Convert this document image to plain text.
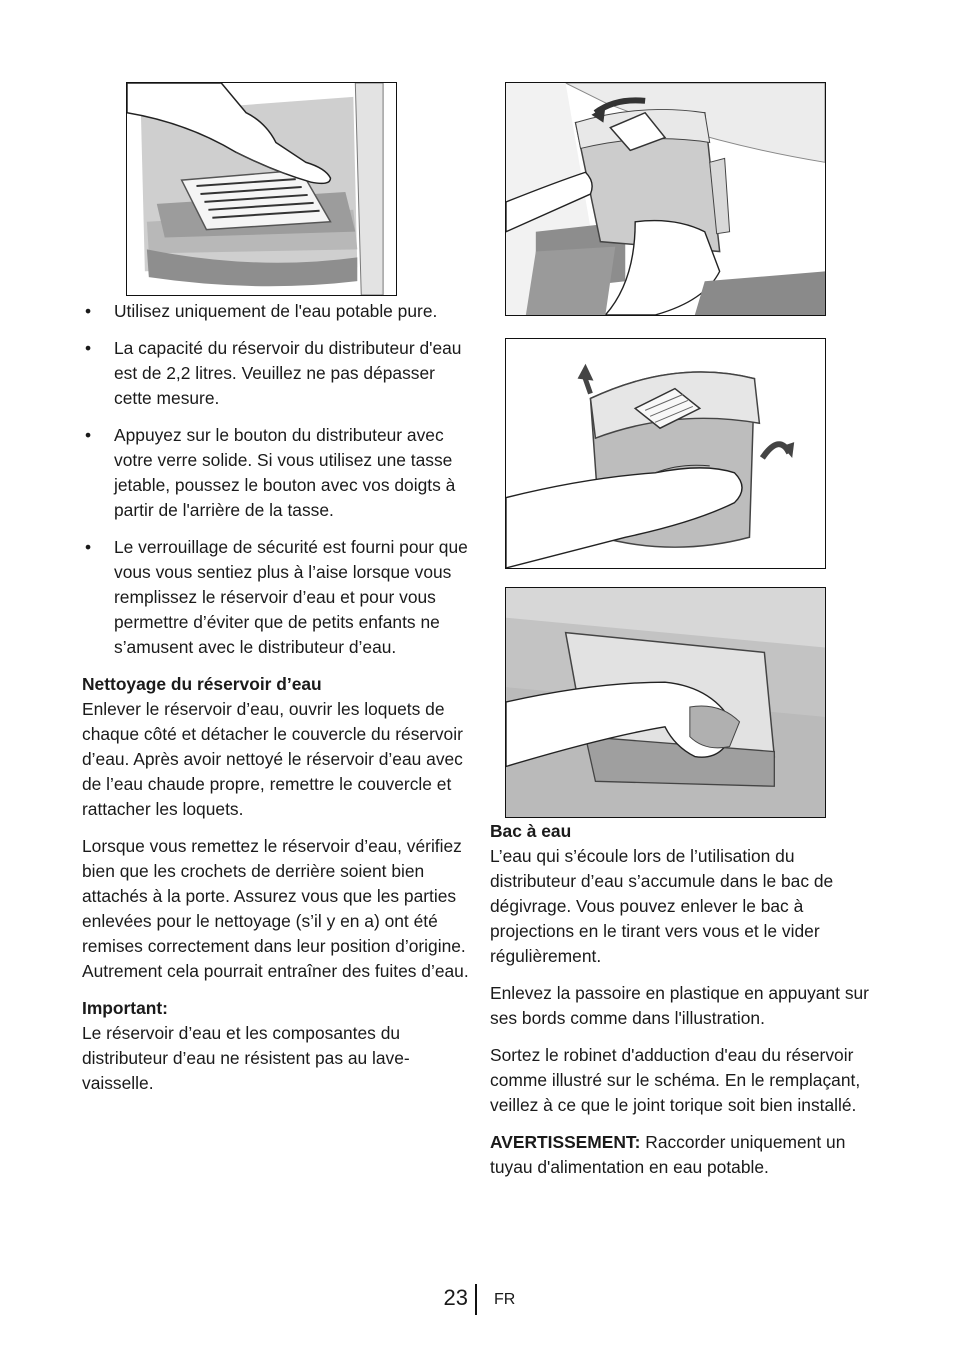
• Utilisez uniquement de l'eau potable pure.
• La capacité du réservoir du distributeur d'eau est de 2,2 litres. Veuillez ne pas dépasser cette mesure.
• Appuyez sur le bouton du distributeur avec votre verre solide. Si vous utilisez une tasse jetable, poussez le bouton avec vos doigts à partir de l'arrière de la tasse.
• Le verrouillage de sécurité est fourni pour que vous vous sentiez plus à l’aise lorsque vous remplissez le réservoir d’eau et pour vous permettre d’éviter que de petits enfants ne s’amusent avec le distributeur d’eau.

Nettoyage du réservoir d’eau
Enlever le réservoir d’eau, ouvrir les loquets de chaque côté et détacher le couvercle du réservoir d’eau. Après avoir nettoyé le réservoir d’eau avec de l’eau chaude propre, remettre le couvercle et rattacher les loquets.

Lorsque vous remettez le réservoir d’eau, vérifiez bien que les crochets de derrière soient bien attachés à la porte. Assurez vous que les parties enlevées pour le nettoyage (s’il y en a) ont été remises correctement dans leur position d’origine. Autrement cela pourrait entraîner des fuites d’eau.

Important:
Le réservoir d’eau et les composantes du distributeur d’eau ne résistent pas au lave-vaisselle.

Bac à eau
L’eau qui s’écoule lors de l’utilisation du distributeur d’eau s’accumule dans le bac de dégivrage. Vous pouvez enlever le bac à projections en le tirant vers vous et le vider régulièrement.

Enlevez la passoire en plastique en appuyant sur ses bords comme dans l'illustration.

Sortez le robinet d'adduction d'eau du réservoir comme illustré sur le schéma. En le remplaçant, veillez à ce que le joint torique soit bien installé.

AVERTISSEMENT: Raccorder uniquement un tuyau d'alimentation en eau potable.

23 FR
